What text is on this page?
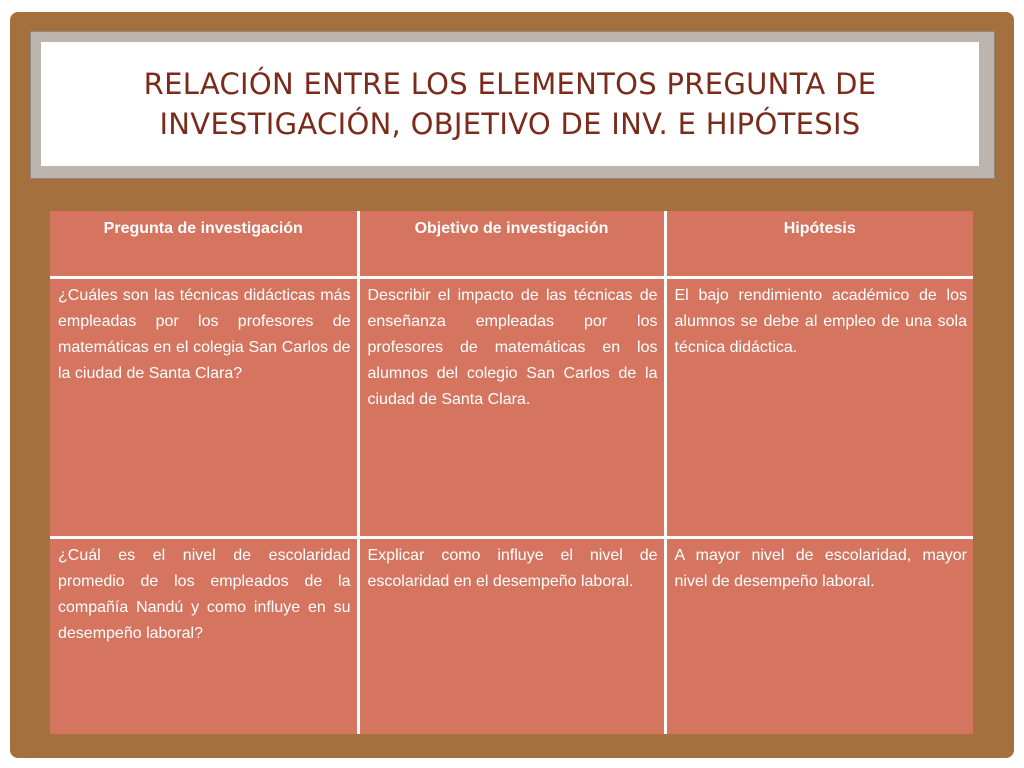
RELACIÓN ENTRE LOS ELEMENTOS PREGUNTA DE
INVESTIGACIÓN, OBJETIVO DE INV. E HIPÓTESIS
Pregunta de investigación	Objetivo de investigación	Hipótesis

¿Cuáles son las técnicas didácticas más empleadas por los profesores de matemáticas en el colegia San Carlos de la ciudad de Santa Clara?	Describir el impacto de las técnicas de enseñanza empleadas por los profesores de matemáticas en los alumnos del colegio San Carlos de la ciudad de Santa Clara.	El bajo rendimiento académico de los alumnos se debe al empleo de una sola técnica didáctica.

¿Cuál es el nivel de escolaridad promedio de los empleados de la compañía Nandú y como influye en su desempeño laboral?	Explicar como influye el nivel de escolaridad en el desempeño laboral.	A mayor nivel de escolaridad, mayor nivel de desempeño laboral.
